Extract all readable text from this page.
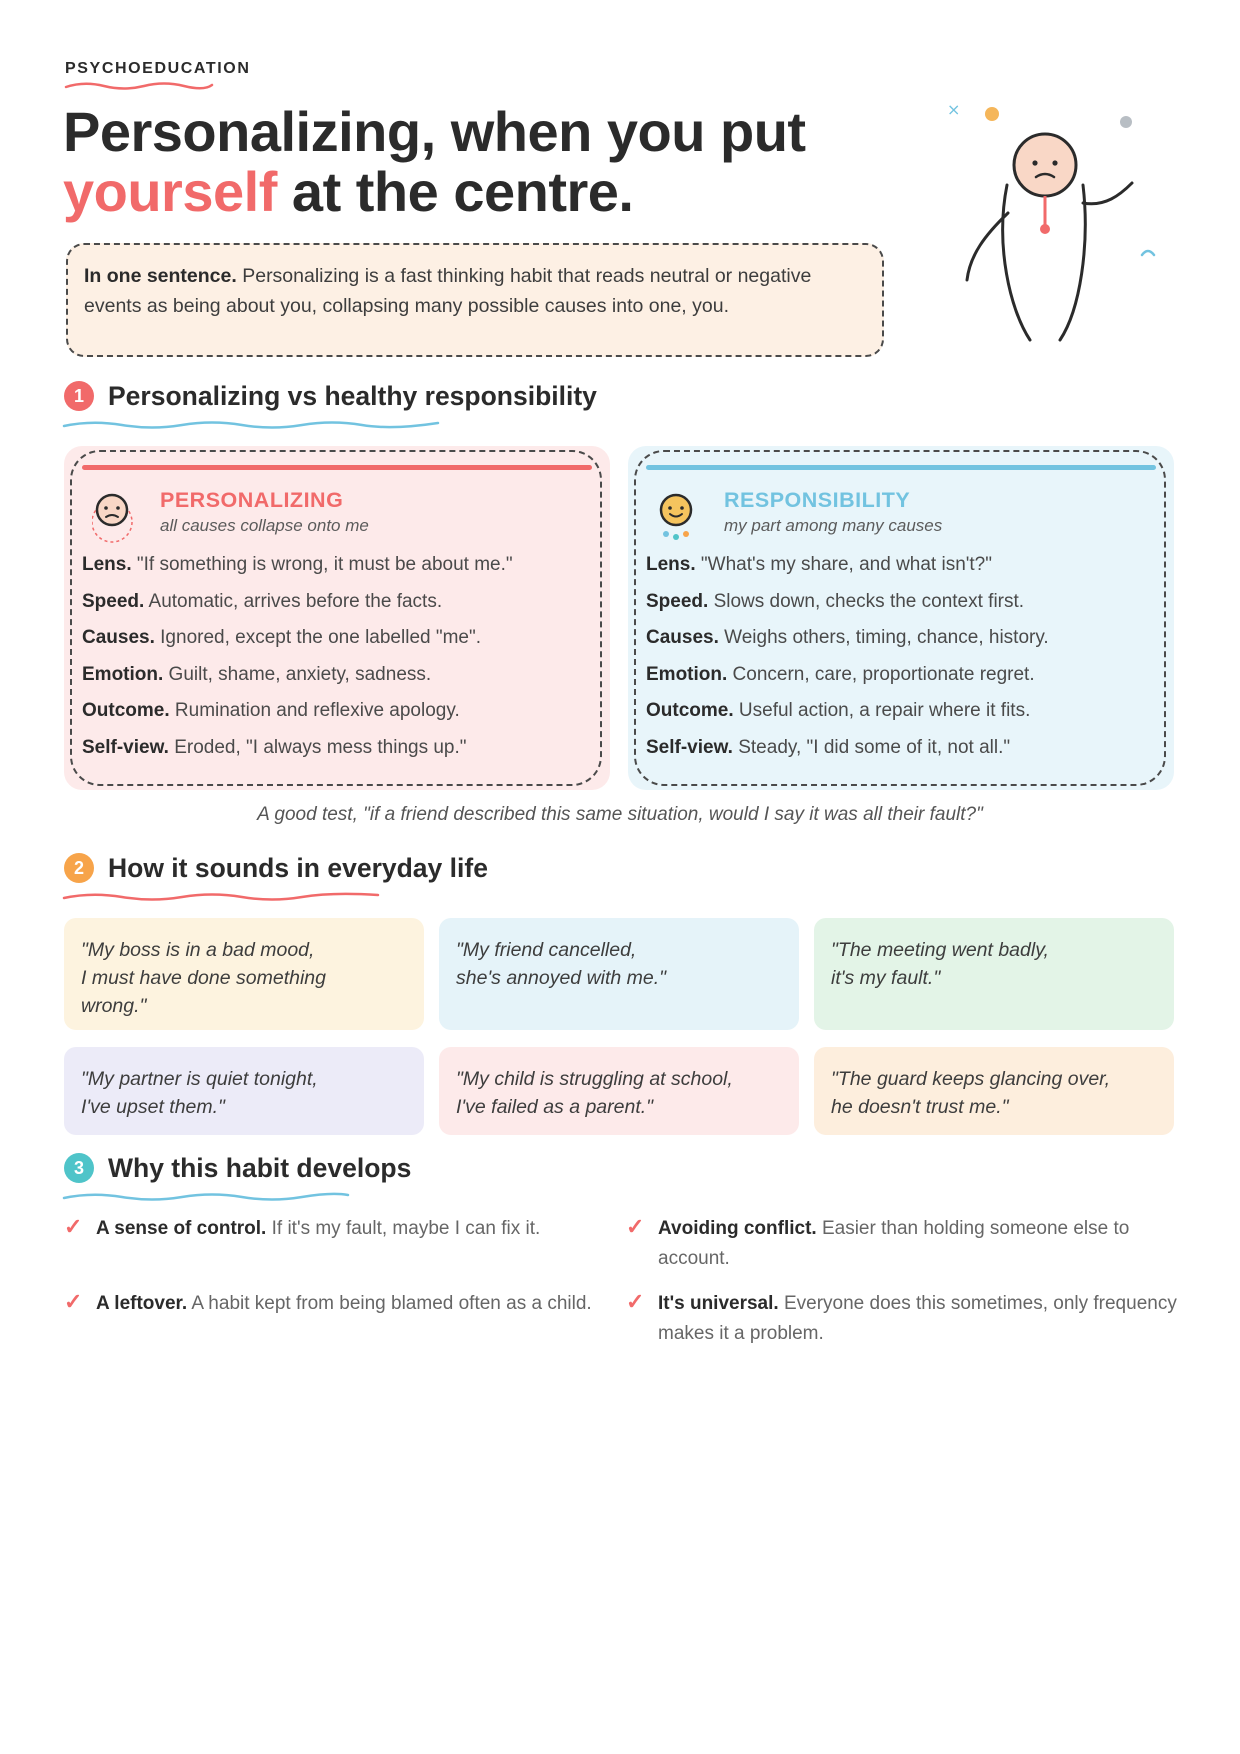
PSYCHOEDUCATION
Personalizing, when you put
yourself at the centre.
×
In one sentence. Personalizing is a fast thinking habit that reads neutral or negative events as being about you, collapsing many possible causes into one, you.
1 Personalizing vs healthy responsibility
PERSONALIZING
all causes collapse onto me
Lens. "If something is wrong, it must be about me."
Speed. Automatic, arrives before the facts.
Causes. Ignored, except the one labelled "me".
Emotion. Guilt, shame, anxiety, sadness.
Outcome. Rumination and reflexive apology.
Self-view. Eroded, "I always mess things up."
RESPONSIBILITY
my part among many causes
Lens. "What's my share, and what isn't?"
Speed. Slows down, checks the context first.
Causes. Weighs others, timing, chance, history.
Emotion. Concern, care, proportionate regret.
Outcome. Useful action, a repair where it fits.
Self-view. Steady, "I did some of it, not all."
A good test, "if a friend described this same situation, would I say it was all their fault?"
2 How it sounds in everyday life
"My boss is in a bad mood,
I must have done something
wrong."
"My friend cancelled,
she's annoyed with me."
"The meeting went badly,
it's my fault."
"My partner is quiet tonight,
I've upset them."
"My child is struggling at school,
I've failed as a parent."
"The guard keeps glancing over,
he doesn't trust me."
3 Why this habit develops
✓ A sense of control. If it's my fault, maybe I can fix it.	✓ Avoiding conflict. Easier than holding someone else to account.
✓ A leftover. A habit kept from being blamed often as a child.	✓ It's universal. Everyone does this sometimes, only frequency makes it a problem.
